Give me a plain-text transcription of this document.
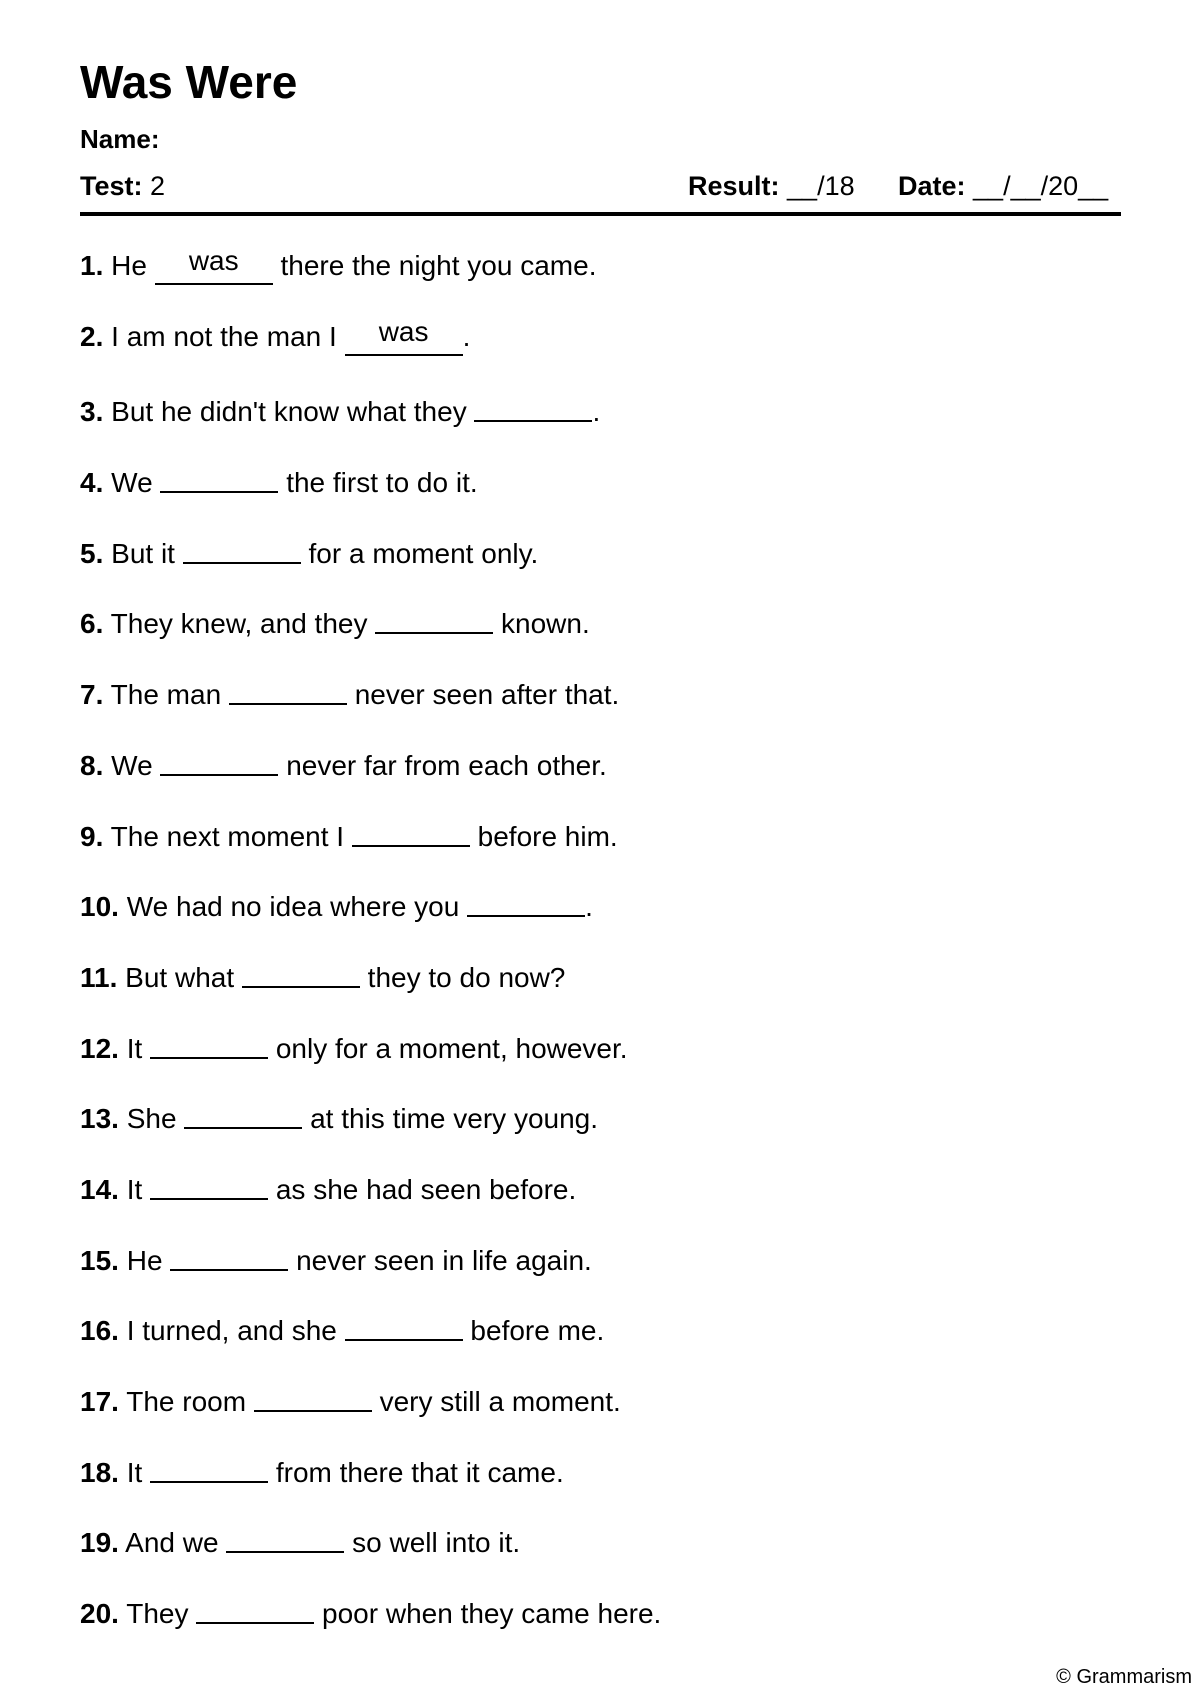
Was Were
Name:
Test: 2	Result: __/18 Date: __/__/20__
1. He was there the night you came.
2. I am not the man I was .
3. But he didn't know what they	.
4. We	the first to do it.
5. But it	for a moment only.
6. They knew, and they	known.
7. The man	never seen after that.
8. We	never far from each other.
9. The next moment I	before him.
10. We had no idea where you	.
11. But what	they to do now?
12. It	only for a moment, however.
13. She	at this time very young.
14. It	as she had seen before.
15. He	never seen in life again.
16. I turned, and she	before me.
17. The room	very still a moment.
18. It	from there that it came.
19. And we	so well into it.
20. They	poor when they came here.
© Grammarism
